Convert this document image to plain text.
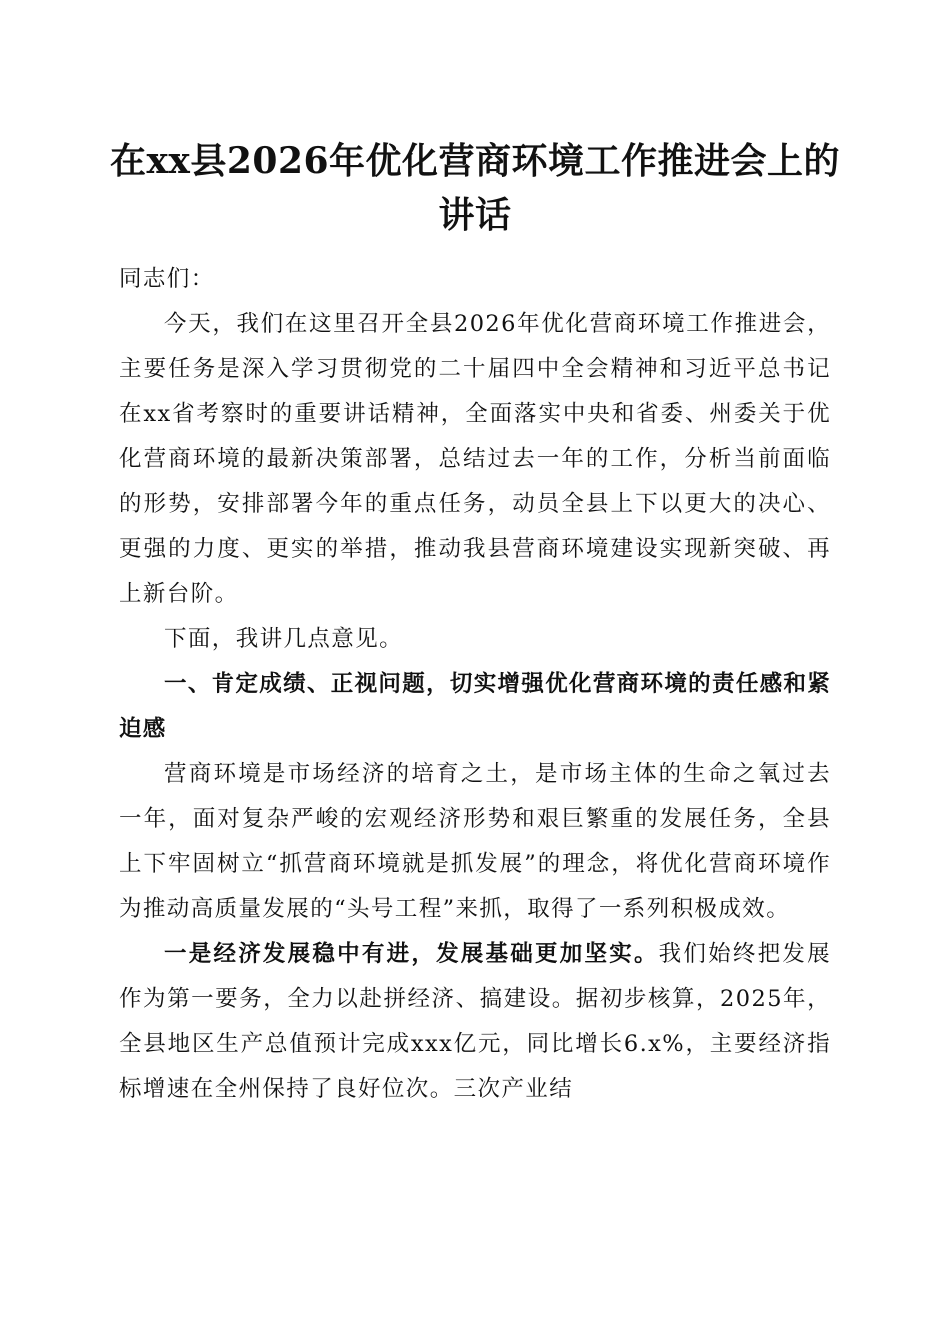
在xx县2026年优化营商环境工作推进会上的讲话

同志们：

今天，我们在这里召开全县2026年优化营商环境工作推进会，主要任务是深入学习贯彻党的二十届四中全会精神和习近平总书记在xx省考察时的重要讲话精神，全面落实中央和省委、州委关于优化营商环境的最新决策部署，总结过去一年的工作，分析当前面临的形势，安排部署今年的重点任务，动员全县上下以更大的决心、更强的力度、更实的举措，推动我县营商环境建设实现新突破、再上新台阶。

下面，我讲几点意见。

一、肯定成绩、正视问题，切实增强优化营商环境的责任感和紧迫感

营商环境是市场经济的培育之土，是市场主体的生命之氧过去一年，面对复杂严峻的宏观经济形势和艰巨繁重的发展任务，全县上下牢固树立“抓营商环境就是抓发展”的理念，将优化营商环境作为推动高质量发展的“头号工程”来抓，取得了一系列积极成效。

一是经济发展稳中有进，发展基础更加坚实。我们始终把发展作为第一要务，全力以赴拼经济、搞建设。据初步核算，2025年，全县地区生产总值预计完成xxx亿元，同比增长6.x%，主要经济指标增速在全州保持了良好位次。三次产业结
